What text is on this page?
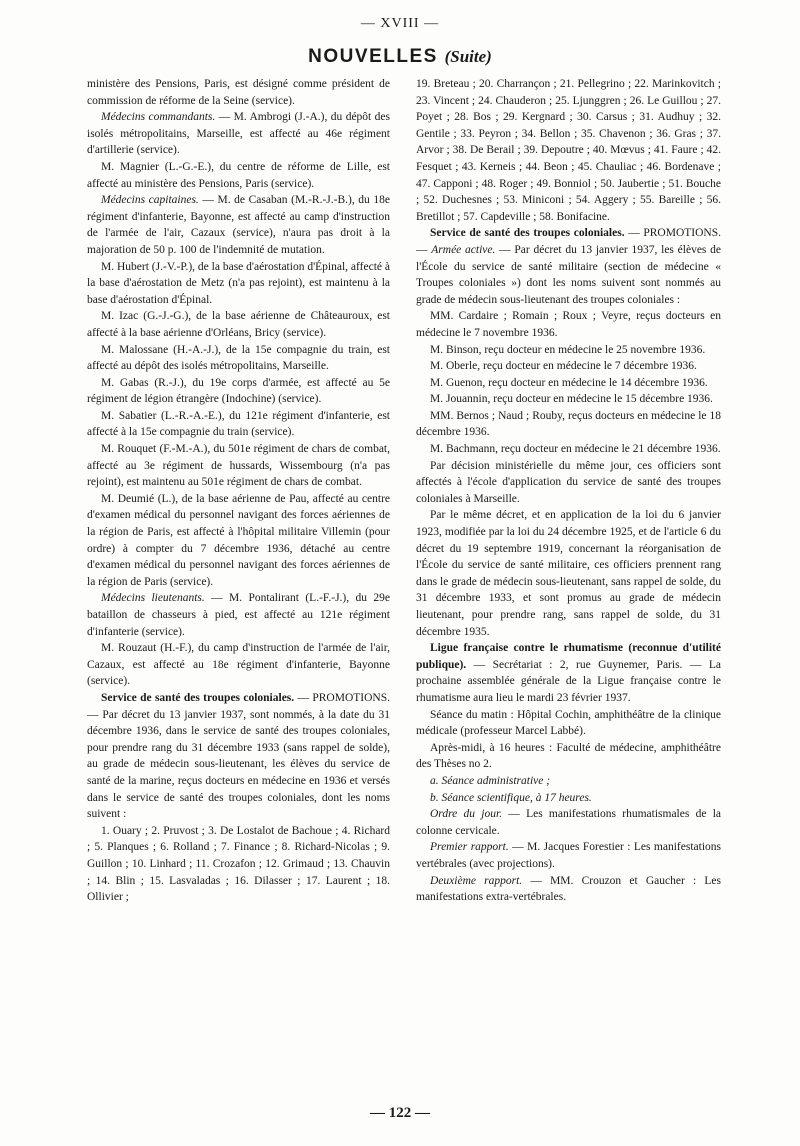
— XVIII —
NOUVELLES (Suite)

ministère des Pensions, Paris, est désigné comme président de commission de réforme de la Seine (service).

Médecins commandants. — M. Ambrogi (J.-A.), du dépôt des isolés métropolitains, Marseille, est affecté au 46e régiment d'artillerie (service).

M. Magnier (L.-G.-E.), du centre de réforme de Lille, est affecté au ministère des Pensions, Paris (service).

Médecins capitaines. — M. de Casaban (M.-R.-J.-B.), du 18e régiment d'infanterie, Bayonne, est affecté au camp d'instruction de l'armée de l'air, Cazaux (service), n'aura pas droit à la majoration de 50 p. 100 de l'indemnité de mutation.

M. Hubert (J.-V.-P.), de la base d'aérostation d'Épinal, affecté à la base d'aérostation de Metz (n'a pas rejoint), est maintenu à la base d'aérostation d'Épinal.

M. Izac (G.-J.-G.), de la base aérienne de Châteauroux, est affecté à la base aérienne d'Orléans, Bricy (service).

M. Malossane (H.-A.-J.), de la 15e compagnie du train, est affecté au dépôt des isolés métropolitains, Marseille.

M. Gabas (R.-J.), du 19e corps d'armée, est affecté au 5e régiment de légion étrangère (Indochine) (service).

M. Sabatier (L.-R.-A.-E.), du 121e régiment d'infanterie, est affecté à la 15e compagnie du train (service).

M. Rouquet (F.-M.-A.), du 501e régiment de chars de combat, affecté au 3e régiment de hussards, Wissembourg (n'a pas rejoint), est maintenu au 501e régiment de chars de combat.

M. Deumié (L.), de la base aérienne de Pau, affecté au centre d'examen médical du personnel navigant des forces aériennes de la région de Paris, est affecté à l'hôpital militaire Villemin (pour ordre) à compter du 7 décembre 1936, détaché au centre d'examen médical du personnel navigant des forces aériennes de la région de Paris (service).

Médecins lieutenants. — M. Pontalirant (L.-F.-J.), du 29e bataillon de chasseurs à pied, est affecté au 121e régiment d'infanterie (service).

M. Rouzaut (H.-F.), du camp d'instruction de l'armée de l'air, Cazaux, est affecté au 18e régiment d'infanterie, Bayonne (service).

Service de santé des troupes coloniales. — PROMOTIONS. — Par décret du 13 janvier 1937, sont nommés, à la date du 31 décembre 1936, dans le service de santé des troupes coloniales, pour prendre rang du 31 décembre 1933 (sans rappel de solde), au grade de médecin sous-lieutenant, les élèves du service de santé de la marine, reçus docteurs en médecine en 1936 et versés dans le service de santé des troupes coloniales, dont les noms suivent :

1. Ouary ; 2. Pruvost ; 3. De Lostalot de Bachoue ; 4. Richard ; 5. Planques ; 6. Rolland ; 7. Finance ; 8. Richard-Nicolas ; 9. Guillon ; 10. Linhard ; 11. Crozafon ; 12. Grimaud ; 13. Chauvin ; 14. Blin ; 15. Lasvaladas ; 16. Dilasser ; 17. Laurent ; 18. Ollivier ;

19. Breteau ; 20. Charrançon ; 21. Pellegrino ; 22. Marinkovitch ; 23. Vincent ; 24. Chauderon ; 25. Ljunggren ; 26. Le Guillou ; 27. Poyet ; 28. Bos ; 29. Kergnard ; 30. Carsus ; 31. Audhuy ; 32. Gentile ; 33. Peyron ; 34. Bellon ; 35. Chavenon ; 36. Gras ; 37. Arvor ; 38. De Berail ; 39. Depoutre ; 40. Mœvus ; 41. Faure ; 42. Fesquet ; 43. Kerneis ; 44. Beon ; 45. Chauliac ; 46. Bordenave ; 47. Capponi ; 48. Roger ; 49. Bonniol ; 50. Jaubertie ; 51. Bouche ; 52. Duchesnes ; 53. Miniconi ; 54. Aggery ; 55. Bareille ; 56. Bretillot ; 57. Capdeville ; 58. Bonifacine.

Service de santé des troupes coloniales. — PROMOTIONS. — Armée active. — Par décret du 13 janvier 1937, les élèves de l'École du service de santé militaire (section de médecine « Troupes coloniales ») dont les noms suivent sont nommés au grade de médecin sous-lieutenant des troupes coloniales :

MM. Cardaire ; Romain ; Roux ; Veyre, reçus docteurs en médecine le 7 novembre 1936.

M. Binson, reçu docteur en médecine le 25 novembre 1936.

M. Oberle, reçu docteur en médecine le 7 décembre 1936.

M. Guenon, reçu docteur en médecine le 14 décembre 1936.

M. Jouannin, reçu docteur en médecine le 15 décembre 1936.

MM. Bernos ; Naud ; Rouby, reçus docteurs en médecine le 18 décembre 1936.

M. Bachmann, reçu docteur en médecine le 21 décembre 1936.

Par décision ministérielle du même jour, ces officiers sont affectés à l'école d'application du service de santé des troupes coloniales à Marseille.

Par le même décret, et en application de la loi du 6 janvier 1923, modifiée par la loi du 24 décembre 1925, et de l'article 6 du décret du 19 septembre 1919, concernant la réorganisation de l'École du service de santé militaire, ces officiers prennent rang dans le grade de médecin sous-lieutenant, sans rappel de solde, du 31 décembre 1933, et sont promus au grade de médecin lieutenant, pour prendre rang, sans rappel de solde, du 31 décembre 1935.

Ligue française contre le rhumatisme (reconnue d'utilité publique). — Secrétariat : 2, rue Guynemer, Paris. — La prochaine assemblée générale de la Ligue française contre le rhumatisme aura lieu le mardi 23 février 1937.

Séance du matin : Hôpital Cochin, amphithéâtre de la clinique médicale (professeur Marcel Labbé).

Après-midi, à 16 heures : Faculté de médecine, amphithéâtre des Thèses no 2.

a. Séance administrative ;

b. Séance scientifique, à 17 heures.

Ordre du jour. — Les manifestations rhumatismales de la colonne cervicale.

Premier rapport. — M. Jacques Forestier : Les manifestations vertébrales (avec projections).

Deuxième rapport. — MM. Crouzon et Gaucher : Les manifestations extra-vertébrales.

— 122 —
